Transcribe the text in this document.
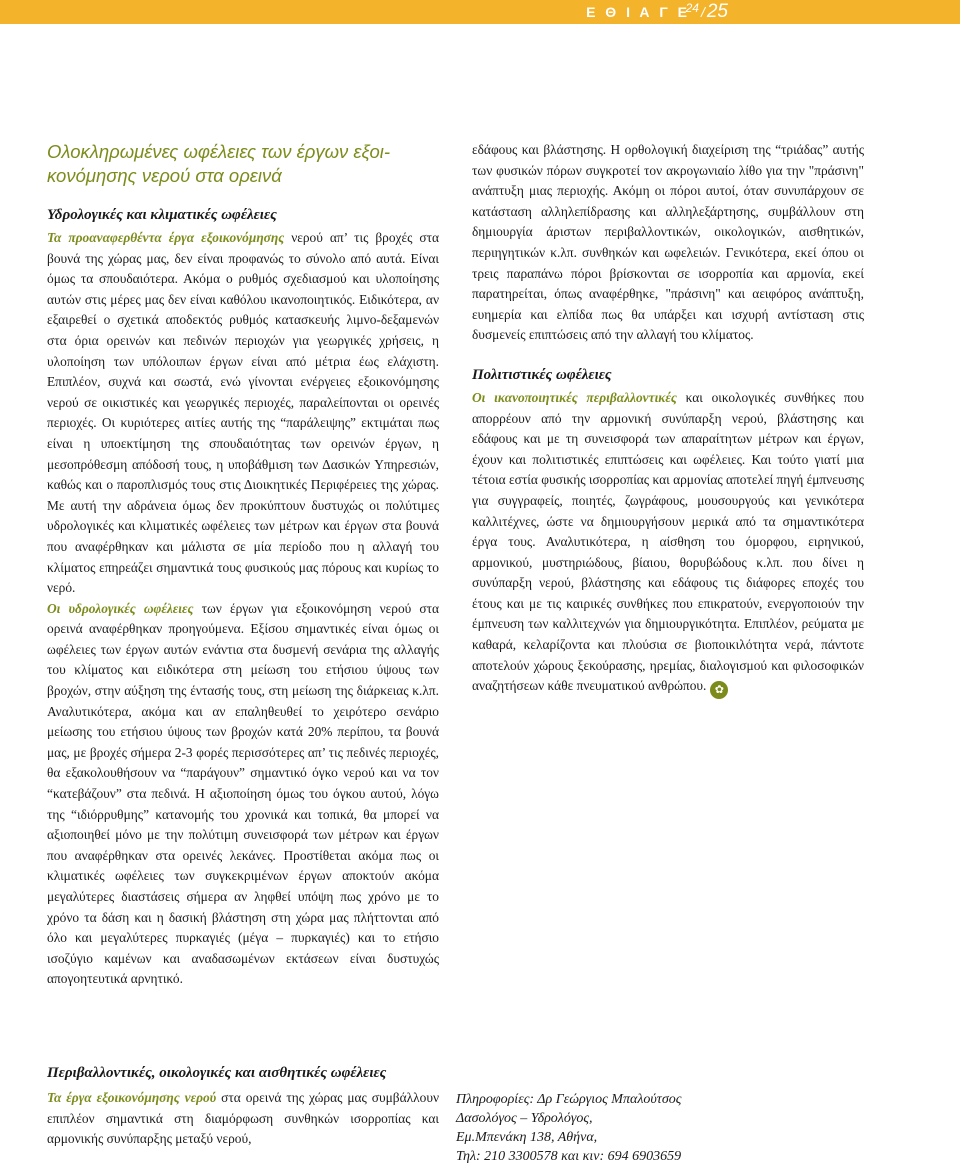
Ε Θ Ι Α Γ Ε
$^{24}$ / 25
Ολοκληρωμένες ωφέλειες των έργων εξοι-κονόμησης νερού στα ορεινά
Υδρολογικές και κλιματικές ωφέλειες

Τα προαναφερθέντα έργα εξοικονόμησης νερού απ’ τις βροχές στα βουνά της χώρας μας, δεν είναι προφανώς το σύνολο από αυτά. Είναι όμως τα σπουδαιότερα. Ακόμα ο ρυθμός σχεδιασμού και υλοποίησης αυτών στις μέρες μας δεν είναι καθόλου ικανοποιητικός. Ειδικότερα, αν εξαιρεθεί ο σχετικά αποδεκτός ρυθμός κατασκευής λιμνο-δεξαμενών στα όρια ορεινών και πεδινών περιοχών για γεωργικές χρήσεις, η υλοποίηση των υπόλοιπων έργων είναι από μέτρια έως ελάχιστη. Επιπλέον, συχνά και σωστά, ενώ γίνονται ενέργειες εξοικονόμησης νερού σε οικιστικές και γεωργικές περιοχές, παραλείπονται οι ορεινές περιοχές. Οι κυριότερες αιτίες αυτής της “παράλειψης” εκτιμάται πως είναι η υποεκτίμηση της σπουδαιότητας των ορεινών έργων, η μεσοπρόθεσμη απόδοσή τους, η υποβάθμιση των Δασικών Υπηρεσιών, καθώς και ο παροπλισμός τους στις Διοικητικές Περιφέρειες της χώρας. Με αυτή την αδράνεια όμως δεν προκύπτουν δυστυχώς οι πολύτιμες υδρολογικές και κλιματικές ωφέλειες των μέτρων και έργων στα βουνά που αναφέρθηκαν και μάλιστα σε μία περίοδο που η αλλαγή του κλίματος επηρεάζει σημαντικά τους φυσικούς μας πόρους και κυρίως το νερό.

Οι υδρολογικές ωφέλειες των έργων για εξοικονόμηση νερού στα ορεινά αναφέρθηκαν προηγούμενα. Εξίσου σημαντικές είναι όμως οι ωφέλειες των έργων αυτών ενάντια στα δυσμενή σενάρια της αλλαγής του κλίματος και ειδικότερα στη μείωση του ετήσιου ύψους των βροχών, στην αύξηση της έντασής τους, στη μείωση της διάρκειας κ.λπ. Αναλυτικότερα, ακόμα και αν επαληθευθεί το χειρότερο σενάριο μείωσης του ετήσιου ύψους των βροχών κατά 20% περίπου, τα βουνά μας, με βροχές σήμερα 2-3 φορές περισσότερες απ’ τις πεδινές περιοχές, θα εξακολουθήσουν να “παράγουν” σημαντικό όγκο νερού και να τον “κατεβάζουν” στα πεδινά. Η αξιοποίηση όμως του όγκου αυτού, λόγω της “ιδιόρρυθμης” κατανομής του χρονικά και τοπικά, θα μπορεί να αξιοποιηθεί μόνο με την πολύτιμη συνεισφορά των μέτρων και έργων που αναφέρθηκαν στα ορεινές λεκάνες. Προστίθεται ακόμα πως οι κλιματικές ωφέλειες των συγκεκριμένων έργων αποκτούν ακόμα μεγαλύτερες διαστάσεις σήμερα αν ληφθεί υπόψη πως χρόνο με το χρόνο τα δάση και η δασική βλάστηση στη χώρα μας πλήττονται από όλο και μεγαλύτερες πυρκαγιές (μέγα – πυρκαγιές) και το ετήσιο ισοζύγιο καμένων και αναδασωμένων εκτάσεων είναι δυστυχώς απογοητευτικά αρνητικό.

Περιβαλλοντικές, οικολογικές και αισθητικές ωφέλειες

Τα έργα εξοικονόμησης νερού στα ορεινά της χώρας μας συμβάλλουν επιπλέον σημαντικά στη διαμόρφωση συνθηκών ισορροπίας και αρμονικής συνύπαρξης μεταξύ νερού,

εδάφους και βλάστησης. Η ορθολογική διαχείριση της “τριάδας” αυτής των φυσικών πόρων συγκροτεί τον ακρογωνιαίο λίθο για την "πράσινη" ανάπτυξη μιας περιοχής. Ακόμη οι πόροι αυτοί, όταν συνυπάρχουν σε κατάσταση αλληλεπίδρασης και αλληλεξάρτησης, συμβάλλουν στη δημιουργία άριστων περιβαλλοντικών, οικολογικών, αισθητικών, περιηγητικών κ.λπ. συνθηκών και ωφελειών. Γενικότερα, εκεί όπου οι τρεις παραπάνω πόροι βρίσκονται σε ισορροπία και αρμονία, εκεί παρατηρείται, όπως αναφέρθηκε, "πράσινη" και αειφόρος ανάπτυξη, ευημερία και ελπίδα πως θα υπάρξει και ισχυρή αντίσταση στις δυσμενείς επιπτώσεις από την αλλαγή του κλίματος.

Πολιτιστικές ωφέλειες

Οι ικανοποιητικές περιβαλλοντικές και οικολογικές συνθήκες που απορρέουν από την αρμονική συνύπαρξη νερού, βλάστησης και εδάφους και με τη συνεισφορά των απαραίτητων μέτρων και έργων, έχουν και πολιτιστικές επιπτώσεις και ωφέλειες. Και τούτο γιατί μια τέτοια εστία φυσικής ισορροπίας και αρμονίας αποτελεί πηγή έμπνευσης για συγγραφείς, ποιητές, ζωγράφους, μουσουργούς και γενικότερα καλλιτέχνες, ώστε να δημιουργήσουν μερικά από τα σημαντικότερα έργα τους. Αναλυτικότερα, η αίσθηση του όμορφου, ειρηνικού, αρμονικού, μυστηριώδους, βίαιου, θορυβώδους κ.λπ. που δίνει η συνύπαρξη νερού, βλάστησης και εδάφους τις διάφορες εποχές του έτους και με τις καιρικές συνθήκες που επικρατούν, ενεργοποιούν την έμπνευση των καλλιτεχνών για δημιουργικότητα. Επιπλέον, ρεύματα με καθαρά, κελαρίζοντα και πλούσια σε βιοποικιλότητα νερά, πάντοτε αποτελούν χώρους ξεκούρασης, ηρεμίας, διαλογισμού και φιλοσοφικών αναζητήσεων κάθε πνευματικού ανθρώπου. ✿

Πληροφορίες: Δρ Γεώργιος Μπαλούτσος
Δασολόγος – Υδρολόγος,
Εμ.Μπενάκη 138, Αθήνα,
Τηλ: 210 3300578 και κιν: 694 6903659
